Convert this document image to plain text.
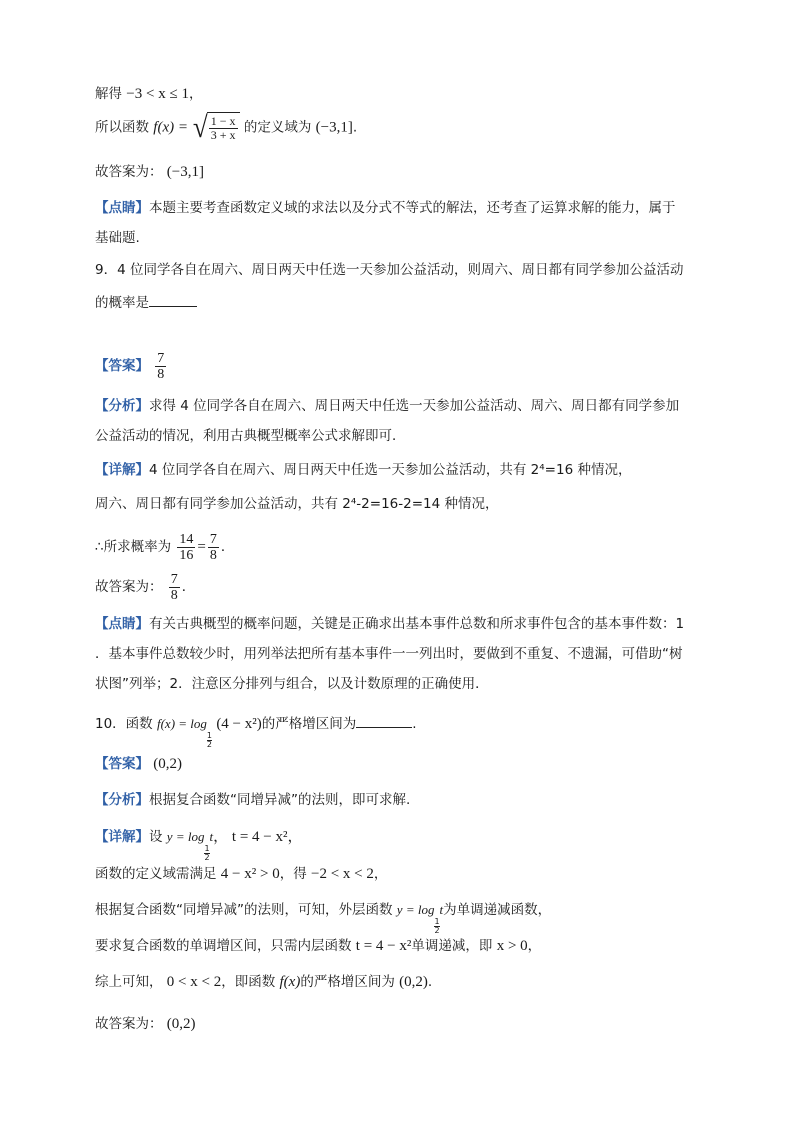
解得 −3 < x ≤ 1，
所以函数 f(x) = √ $\frac{1 - x}{3 + x}$ 的定义域为 (−3,1].
故答案为： (−3,1]
【点睛】本题主要考查函数定义域的求法以及分式不等式的解法，还考查了运算求解的能力，属于
基础题.
9．4 位同学各自在周六、周日两天中任选一天参加公益活动，则周六、周日都有同学参加公益活动
的概率是
【答案】 $\frac{7}{8}$
【分析】求得 4 位同学各自在周六、周日两天中任选一天参加公益活动、周六、周日都有同学参加
公益活动的情况，利用古典概型概率公式求解即可．
【详解】4 位同学各自在周六、周日两天中任选一天参加公益活动，共有 2⁴=16 种情况，
周六、周日都有同学参加公益活动，共有 2⁴-2=16-2=14 种情况，
∴所求概率为 $\frac{14}{16} = \frac{7}{8}$ ．
故答案为： $\frac{7}{8}$ ．
【点睛】有关古典概型的概率问题，关键是正确求出基本事件总数和所求事件包含的基本事件数：1
．基本事件总数较少时，用列举法把所有基本事件一一列出时，要做到不重复、不遗漏，可借助“树
状图”列举；2．注意区分排列与组合，以及计数原理的正确使用．
10．函数 f(x) = log
$\frac{1}{2}$
(4 − x²)的严格增区间为	.
【答案】 (0,2)
【分析】根据复合函数“同增异减”的法则，即可求解.
【详解】设 y = log
$\frac{1}{2}$
t， t = 4 − x²，
函数的定义域需满足 4 − x² > 0，得 −2 < x < 2，
根据复合函数“同增异减”的法则，可知，外层函数 y = log
$\frac{1}{2}$
t为单调递减函数，
要求复合函数的单调增区间，只需内层函数 t = 4 − x²单调递减，即 x > 0，
综上可知， 0 < x < 2，即函数 f(x)的严格增区间为 (0,2).
故答案为： (0,2)
